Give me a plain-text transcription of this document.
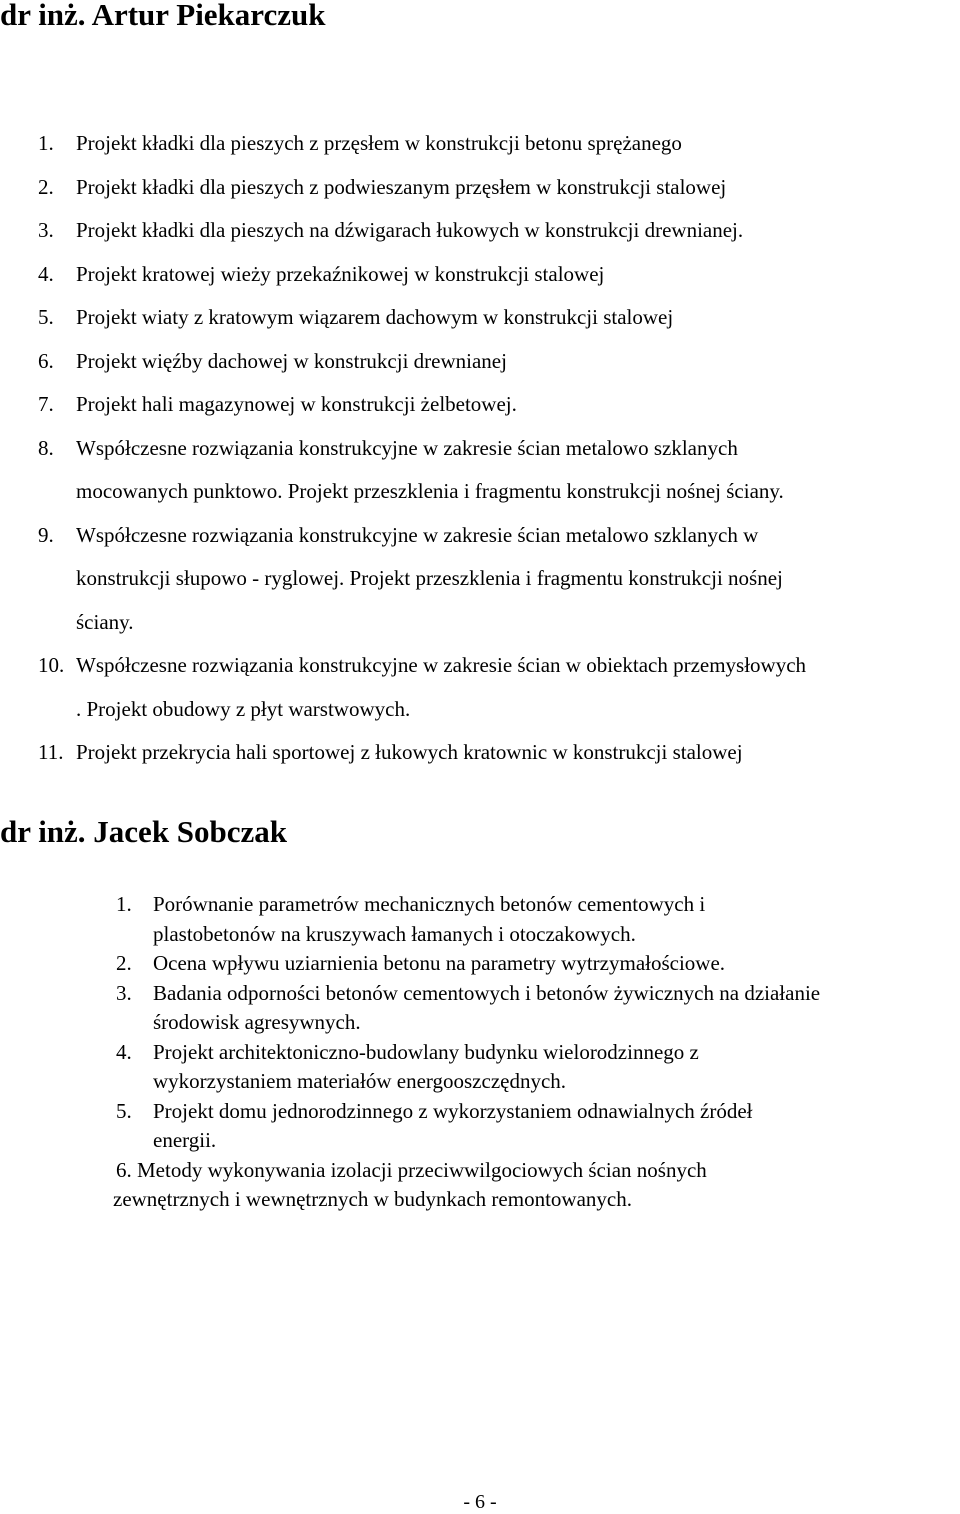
dr inż. Artur Piekarczuk
1. Projekt kładki dla pieszych z przęsłem w konstrukcji betonu sprężanego
2. Projekt kładki dla pieszych z podwieszanym przęsłem w konstrukcji stalowej
3. Projekt kładki dla pieszych na dźwigarach łukowych w konstrukcji drewnianej.
4. Projekt kratowej wieży przekaźnikowej w konstrukcji stalowej
5. Projekt wiaty z kratowym wiązarem dachowym w konstrukcji stalowej
6. Projekt więźby dachowej w konstrukcji drewnianej
7. Projekt hali magazynowej w konstrukcji żelbetowej.
8. Współczesne rozwiązania konstrukcyjne w zakresie ścian metalowo szklanych
mocowanych punktowo. Projekt przeszklenia i fragmentu konstrukcji nośnej ściany.
9. Współczesne rozwiązania konstrukcyjne w zakresie ścian metalowo szklanych w
konstrukcji słupowo - ryglowej. Projekt przeszklenia i fragmentu konstrukcji nośnej
ściany.
10. Współczesne rozwiązania konstrukcyjne w zakresie ścian w obiektach przemysłowych
. Projekt obudowy z płyt warstwowych.
11. Projekt przekrycia hali sportowej z łukowych kratownic w konstrukcji stalowej
dr inż. Jacek Sobczak
1. Porównanie parametrów mechanicznych betonów cementowych i
plastobetonów na kruszywach łamanych i otoczakowych.
2. Ocena wpływu uziarnienia betonu na parametry wytrzymałościowe.
3. Badania odporności betonów cementowych i betonów żywicznych na działanie
środowisk agresywnych.
4. Projekt architektoniczno-budowlany budynku wielorodzinnego z
wykorzystaniem materiałów energooszczędnych.
5. Projekt domu jednorodzinnego z wykorzystaniem odnawialnych źródeł
energii.
6. Metody wykonywania izolacji przeciwwilgociowych ścian nośnych
zewnętrznych i wewnętrznych w budynkach remontowanych.
- 6 -
